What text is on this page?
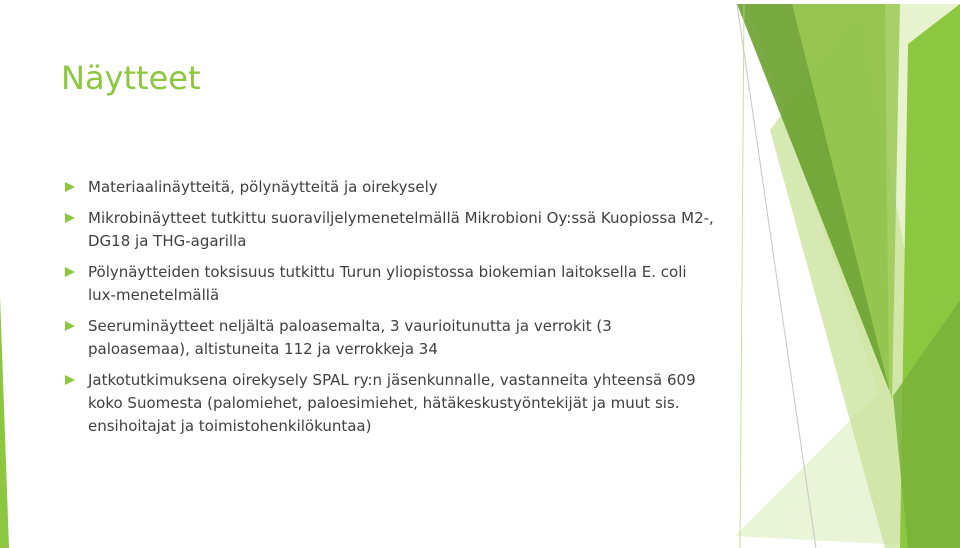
Näytteet
Materiaalinäytteitä, pölynäytteitä ja oirekysely
Mikrobinäytteet tutkittu suoraviljelymenetelmällä Mikrobioni Oy:ssä Kuopiossa M2-, DG18 ja THG-agarilla
Pölynäytteiden toksisuus tutkittu Turun yliopistossa biokemian laitoksella E. coli lux-menetelmällä
Seeruminäytteet neljältä paloasemalta, 3 vaurioitunutta ja verrokit (3 paloasemaa), altistuneita 112 ja verrokkeja 34
Jatkotutkimuksena oirekysely SPAL ry:n jäsenkunnalle, vastanneita yhteensä 609 koko Suomesta (palomiehet, paloesimiehet, hätäkeskustyöntekijät ja muut sis. ensihoitajat ja toimistohenkilökuntaa)
